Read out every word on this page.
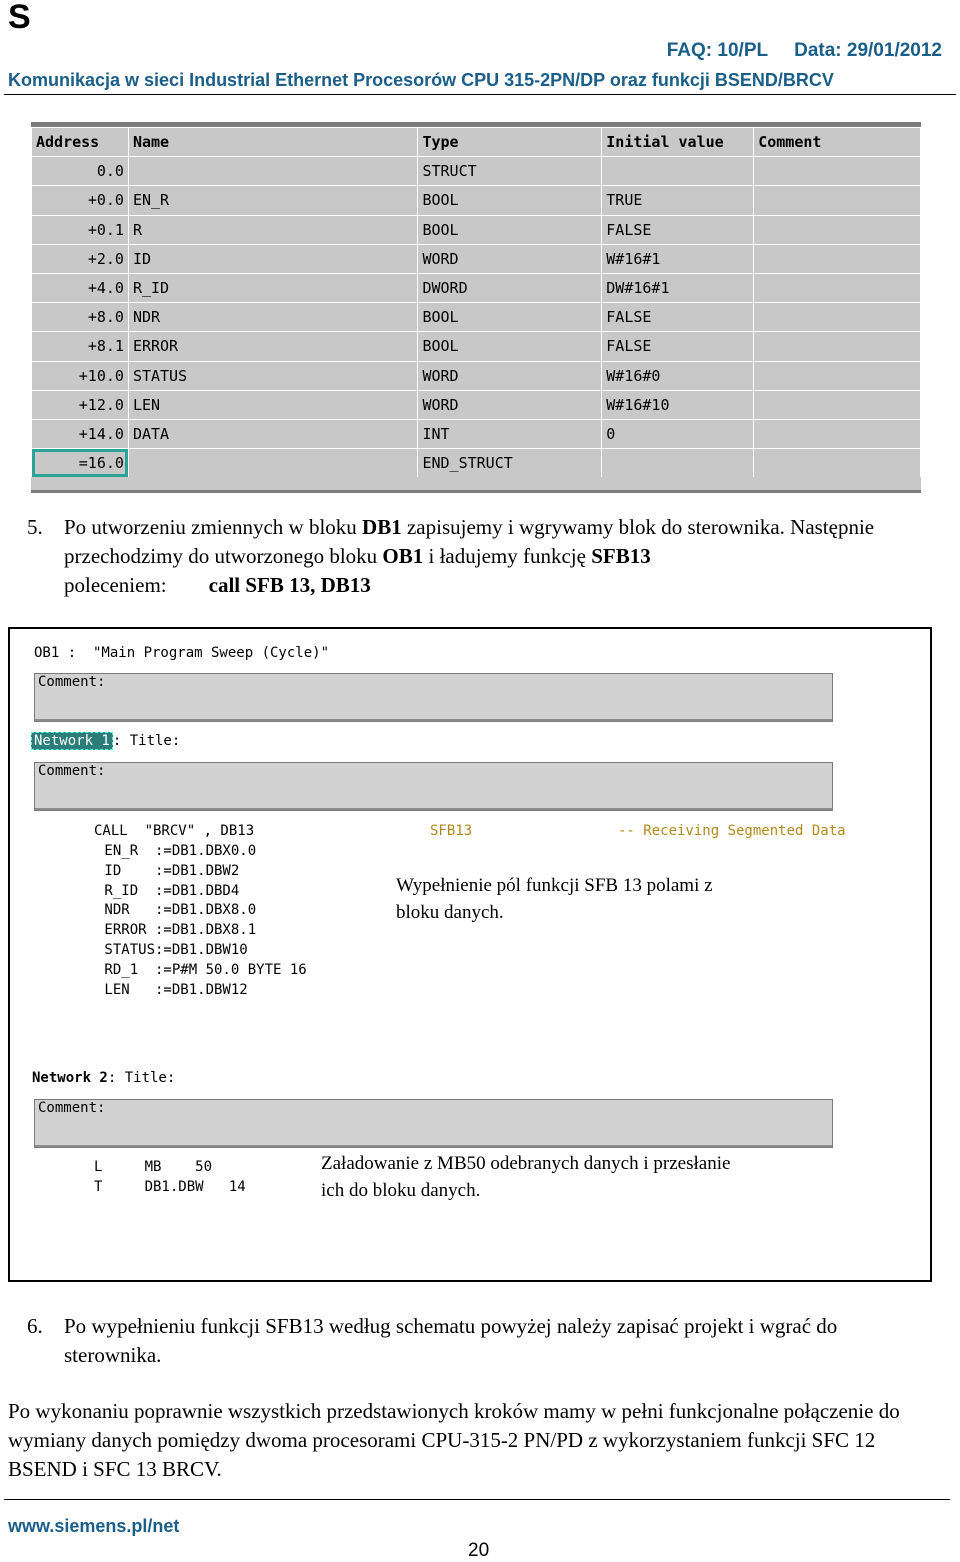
S
FAQ: 10/PL Data: 29/01/2012
Komunikacja w sieci Industrial Ethernet Procesorów CPU 315-2PN/DP oraz funkcji BSEND/BRCV
Address	Name	Type	Initial value	Comment
0.0		STRUCT		
+0.0	EN_R	BOOL	TRUE	
+0.1	R	BOOL	FALSE	
+2.0	ID	WORD	W#16#1	
+4.0	R_ID	DWORD	DW#16#1	
+8.0	NDR	BOOL	FALSE	
+8.1	ERROR	BOOL	FALSE	
+10.0	STATUS	WORD	W#16#0	
+12.0	LEN	WORD	W#16#10	
+14.0	DATA	INT	0	
=16.0		END_STRUCT		
5. Po utworzeniu zmiennych w bloku DB1 zapisujemy i wgrywamy blok do sterownika. Następnie przechodzimy do utworzonego bloku OB1 i ładujemy funkcję SFB13
poleceniem: call SFB 13, DB13
OB1 :  "Main Program Sweep (Cycle)"
Comment:
Network 1 : Title:
Comment:
CALL  "BRCV" , DB13	SFB13	-- Receiving Segmented Data
EN_R  :=DB1.DBX0.0
ID    :=DB1.DBW2
R_ID  :=DB1.DBD4
NDR   :=DB1.DBX8.0
ERROR :=DB1.DBX8.1
STATUS:=DB1.DBW10
RD_1  :=P#M 50.0 BYTE 16
LEN   :=DB1.DBW12
Wypełnienie pól funkcji SFB 13 polami z bloku danych.
Network 2: Title:
Comment:
L     MB    50
T     DB1.DBW   14
Załadowanie z MB50 odebranych danych i przesłanie ich do bloku danych.
6. Po wypełnieniu funkcji SFB13 według schematu powyżej należy zapisać projekt i wgrać do sterownika.
Po wykonaniu poprawnie wszystkich przedstawionych kroków mamy w pełni funkcjonalne połączenie do wymiany danych pomiędzy dwoma procesorami CPU-315-2 PN/PD z wykorzystaniem funkcji SFC 12 BSEND i SFC 13 BRCV.
www.siemens.pl/net
20
